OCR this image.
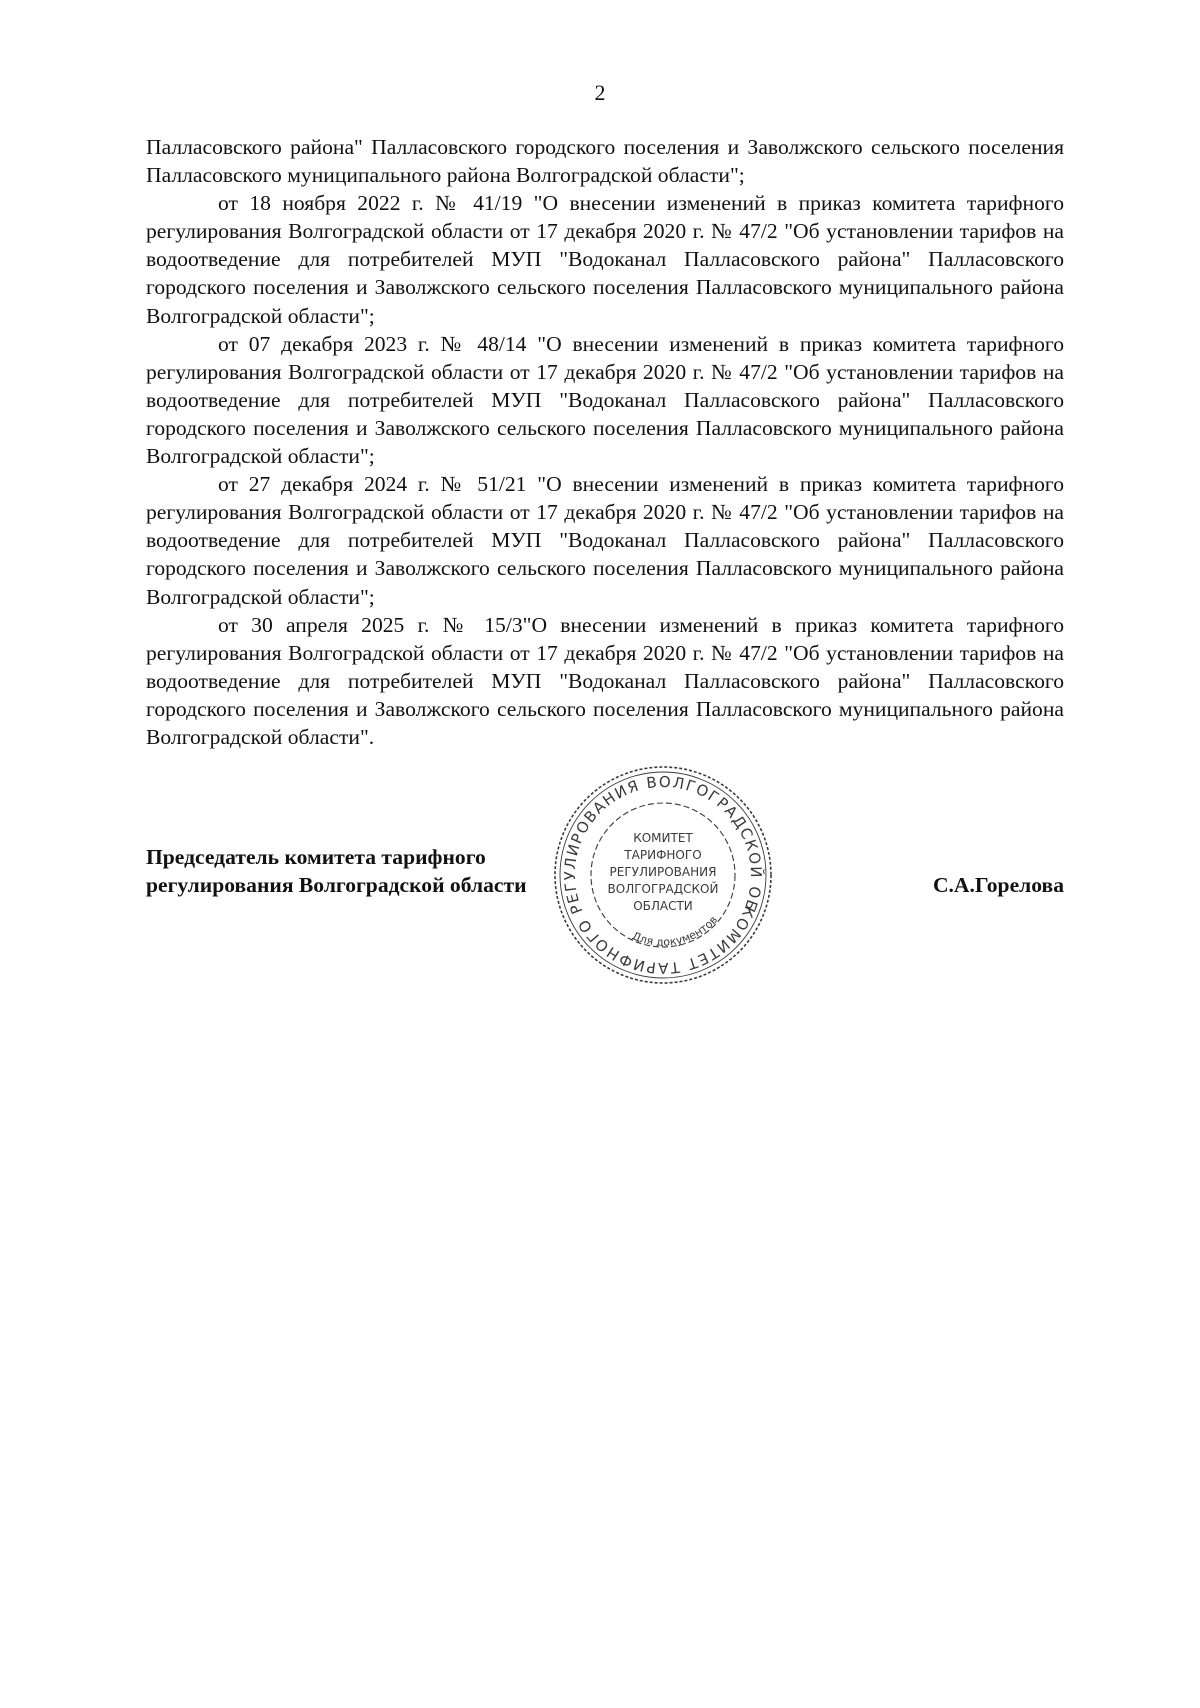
2

Палласовского района" Палласовского городского поселения и Заволжского сельского поселения Палласовского муниципального района Волгоградской области";

от 18 ноября 2022 г. № 41/19 "О внесении изменений в приказ комитета тарифного регулирования Волгоградской области от 17 декабря 2020 г. № 47/2 "Об установлении тарифов на водоотведение для потребителей МУП "Водоканал Палласовского района" Палласовского городского поселения и Заволжского сельского поселения Палласовского муниципального района Волгоградской области";

от 07 декабря 2023 г. № 48/14 "О внесении изменений в приказ комитета тарифного регулирования Волгоградской области от 17 декабря 2020 г. № 47/2 "Об установлении тарифов на водоотведение для потребителей МУП "Водоканал Палласовского района" Палласовского городского поселения и Заволжского сельского поселения Палласовского муниципального района Волгоградской области";

от 27 декабря 2024 г. № 51/21 "О внесении изменений в приказ комитета тарифного регулирования Волгоградской области от 17 декабря 2020 г. № 47/2 "Об установлении тарифов на водоотведение для потребителей МУП "Водоканал Палласовского района" Палласовского городского поселения и Заволжского сельского поселения Палласовского муниципального района Волгоградской области";

от 30 апреля 2025 г. № 15/3"О внесении изменений в приказ комитета тарифного регулирования Волгоградской области от 17 декабря 2020 г. № 47/2 "Об установлении тарифов на водоотведение для потребителей МУП "Водоканал Палласовского района" Палласовского городского поселения и Заволжского сельского поселения Палласовского муниципального района Волгоградской области".

КОМИТЕТ ТАРИФНОГО РЕГУЛИРОВАНИЯ ВОЛГОГРАДСКОЙ ОБЛАСТИ
КОМИТЕТ
ТАРИФНОГО
РЕГУЛИРОВАНИЯ
ВОЛГОГРАДСКОЙ
ОБЛАСТИ
Для документов
Председатель комитета тарифного
регулирования Волгоградской области	С.А.Горелова
